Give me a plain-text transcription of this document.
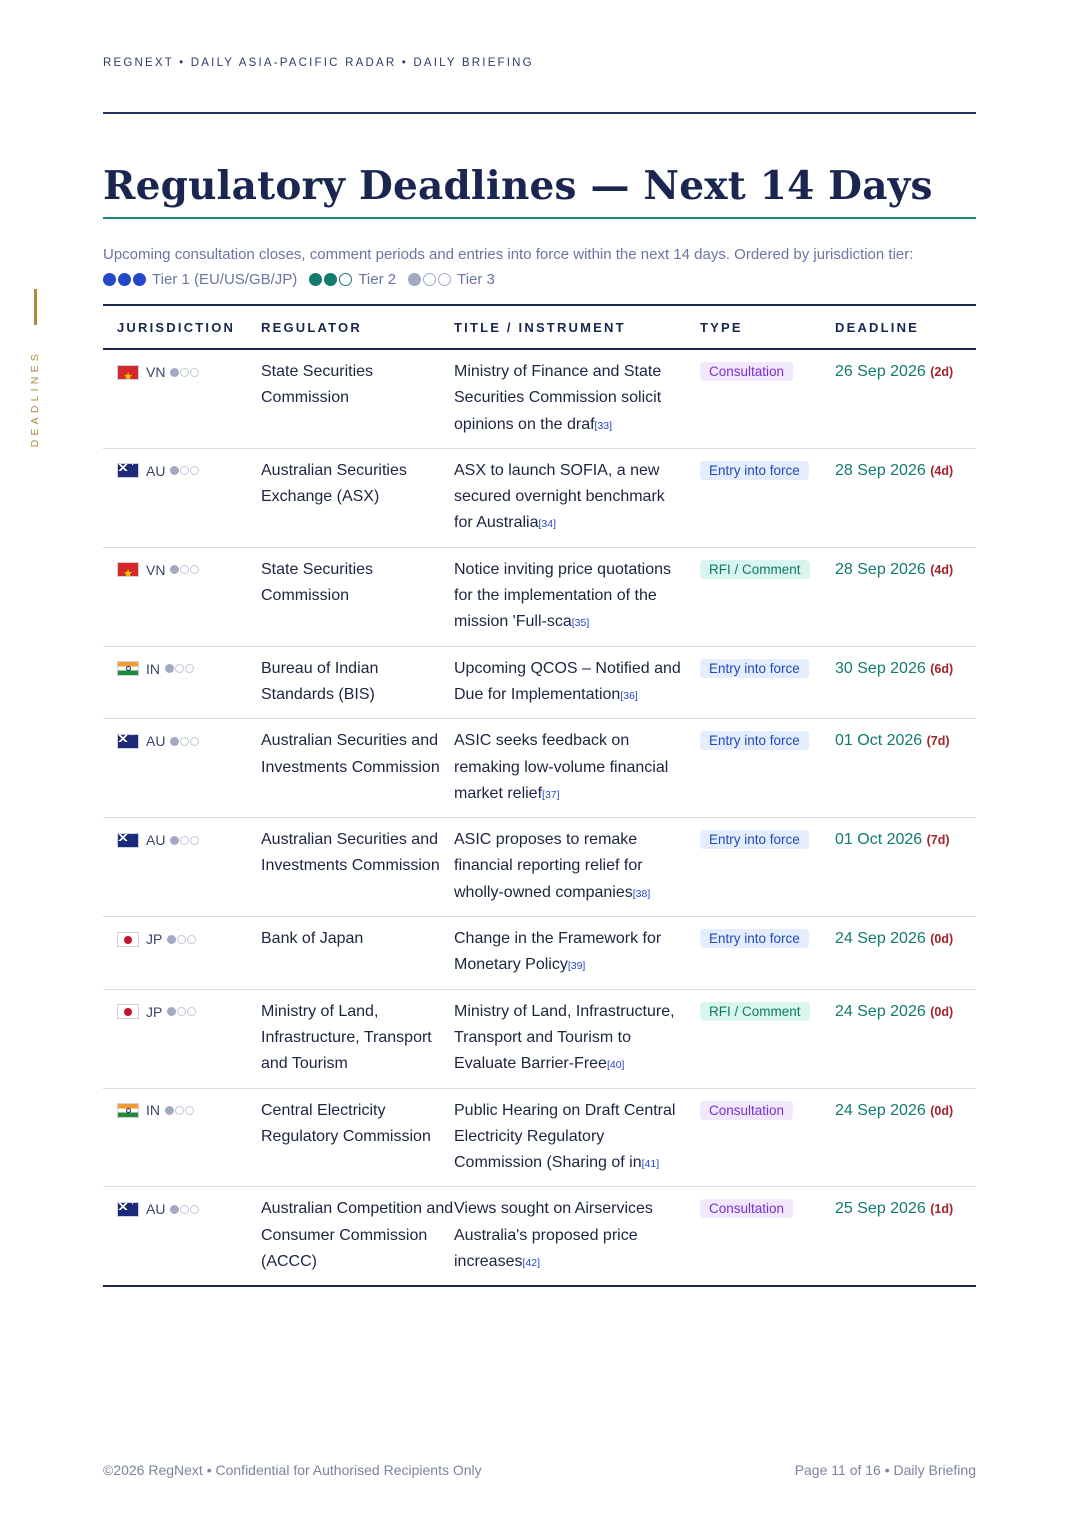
REGNEXT • DAILY ASIA-PACIFIC RADAR • DAILY BRIEFING
DEADLINES
Regulatory Deadlines — Next 14 Days
Upcoming consultation closes, comment periods and entries into force within the next 14 days. Ordered by jurisdiction tier:
Tier 1 (EU/US/GB/JP)	Tier 2	Tier 3
JURISDICTION	REGULATOR	TITLE / INSTRUMENT	TYPE	DEADLINE

★
VN	State Securities Commission	Ministry of Finance and State Securities Commission solicit opinions on the draf[33]	Consultation	26 Sep 2026 (2d)

✦
AU	Australian Securities Exchange (ASX)	ASX to launch SOFIA, a new secured overnight benchmark for Australia[34]	Entry into force	28 Sep 2026 (4d)

★
VN	State Securities Commission	Notice inviting price quotations for the implementation of the mission 'Full-sca[35]	RFI / Comment	28 Sep 2026 (4d)

IN	Bureau of Indian Standards (BIS)	Upcoming QCOS – Notified and Due for Implementation[36]	Entry into force	30 Sep 2026 (6d)

✦
AU	Australian Securities and Investments Commission	ASIC seeks feedback on remaking low-volume financial market relief[37]	Entry into force	01 Oct 2026 (7d)

✦
AU	Australian Securities and Investments Commission	ASIC proposes to remake financial reporting relief for wholly-owned companies[38]	Entry into force	01 Oct 2026 (7d)

JP	Bank of Japan	Change in the Framework for Monetary Policy[39]	Entry into force	24 Sep 2026 (0d)

JP	Ministry of Land, Infrastructure, Transport and Tourism	Ministry of Land, Infrastructure, Transport and Tourism to Evaluate Barrier-Free[40]	RFI / Comment	24 Sep 2026 (0d)

IN	Central Electricity Regulatory Commission	Public Hearing on Draft Central Electricity Regulatory Commission (Sharing of in[41]	Consultation	24 Sep 2026 (0d)

✦
AU	Australian Competition and Consumer Commission (ACCC)	Views sought on Airservices Australia's proposed price increases[42]	Consultation	25 Sep 2026 (1d)
©2026 RegNext • Confidential for Authorised Recipients Only	Page 11 of 16 • Daily Briefing
